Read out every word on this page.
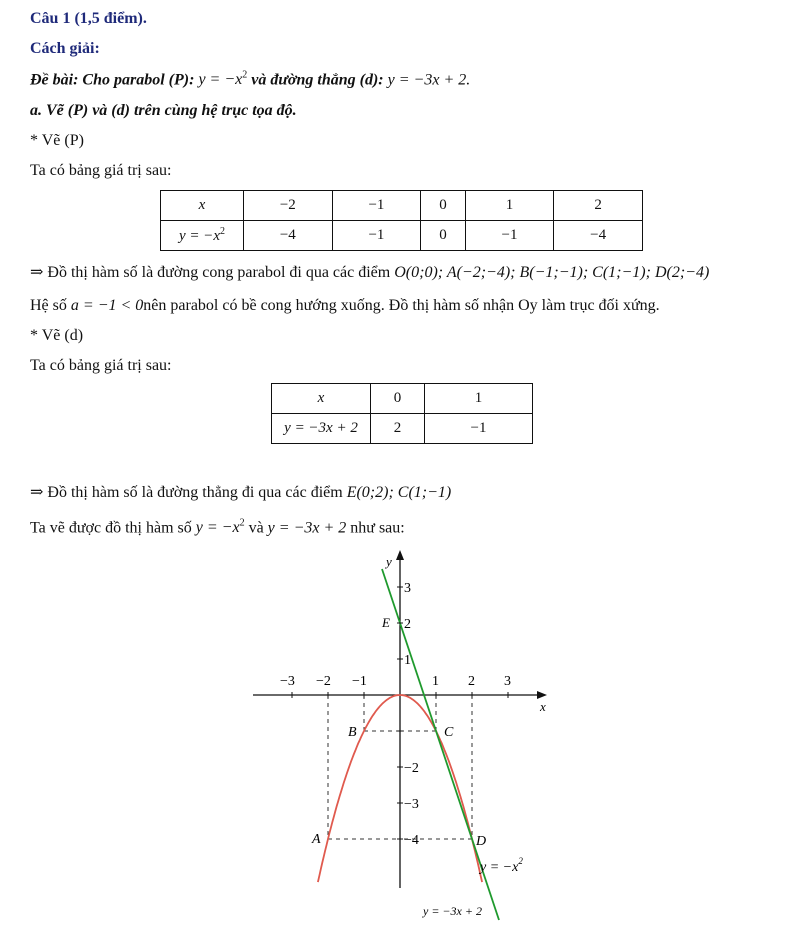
Câu 1 (1,5 điểm).
Cách giải:
Đề bài: Cho parabol (P): $y = -x^2$ và đường thẳng (d): y = −3x + 2.
a. Vẽ (P) và (d) trên cùng hệ trục tọa độ.
* Vẽ (P)
Ta có bảng giá trị sau:
x	−2	−1	0	1	2
$y = -x^2$	−4	−1	0	−1	−4
⇒ Đồ thị hàm số là đường cong parabol đi qua các điểm O(0;0); A(−2;−4); B(−1;−1); C(1;−1); D(2;−4)
Hệ số a = −1 < 0nên parabol có bề cong hướng xuống. Đồ thị hàm số nhận Oy làm trục đối xứng.
* Vẽ (d)
Ta có bảng giá trị sau:
x	0	1
y = −3x + 2	2	−1
⇒ Đồ thị hàm số là đường thẳng đi qua các điểm E(0;2); C(1;−1)
Ta vẽ được đồ thị hàm số $y = -x^2$ và y = −3x + 2 như sau:
x
y
−3 −2 −1	1 2 3
3
2
1
−2
−3
−4
A
B	C
D
E
$y = -x^2$
y = −3x + 2
